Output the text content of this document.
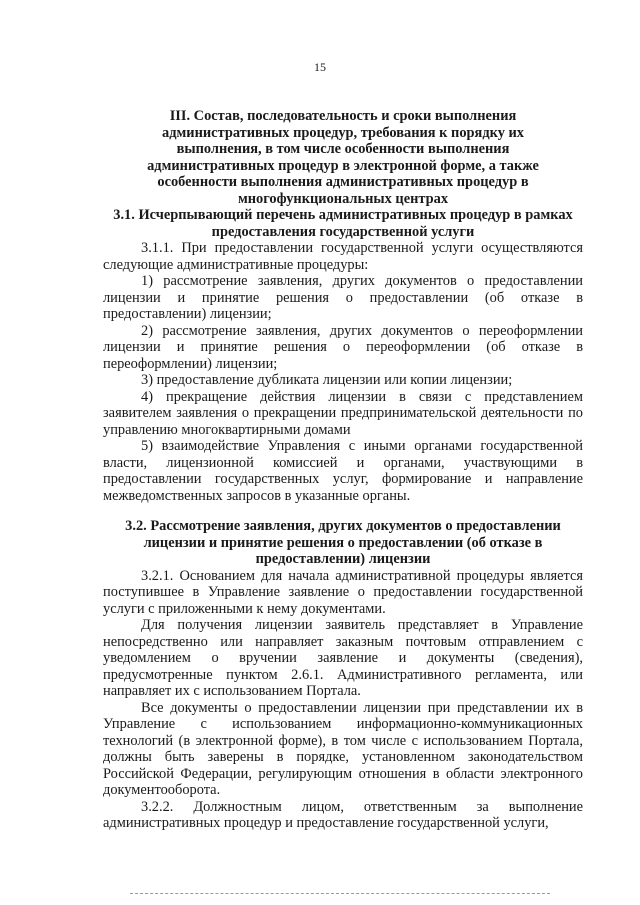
15

III. Состав, последовательность и сроки выполнения административных процедур, требования к порядку их выполнения, в том числе особенности выполнения административных процедур в электронной форме, а также особенности выполнения административных процедур в многофункциональных центрах

3.1. Исчерпывающий перечень административных процедур в рамках предоставления государственной услуги

3.1.1. При предоставлении государственной услуги осуществляются следующие административные процедуры:

1) рассмотрение заявления, других документов о предоставлении лицензии и принятие решения о предоставлении (об отказе в предоставлении) лицензии;

2) рассмотрение заявления, других документов о переоформлении лицензии и принятие решения о переоформлении (об отказе в переоформлении) лицензии;

3) предоставление дубликата лицензии или копии лицензии;

4) прекращение действия лицензии в связи с представлением заявителем заявления о прекращении предпринимательской деятельности по управлению многоквартирными домами

5) взаимодействие Управления с иными органами государственной власти, лицензионной комиссией и органами, участвующими в предоставлении государственных услуг, формирование и направление межведомственных запросов в указанные органы.

3.2. Рассмотрение заявления, других документов о предоставлении лицензии и принятие решения о предоставлении (об отказе в предоставлении) лицензии

3.2.1. Основанием для начала административной процедуры является поступившее в Управление заявление о предоставлении государственной услуги с приложенными к нему документами.

Для получения лицензии заявитель представляет в Управление непосредственно или направляет заказным почтовым отправлением с уведомлением о вручении заявление и документы (сведения), предусмотренные пунктом 2.6.1. Административного регламента, или направляет их с использованием Портала.

Все документы о предоставлении лицензии при представлении их в Управление с использованием информационно-коммуникационных технологий (в электронной форме), в том числе с использованием Портала, должны быть заверены в порядке, установленном законодательством Российской Федерации, регулирующим отношения в области электронного документооборота.

3.2.2. Должностным лицом, ответственным за выполнение административных процедур и предоставление государственной услуги,
